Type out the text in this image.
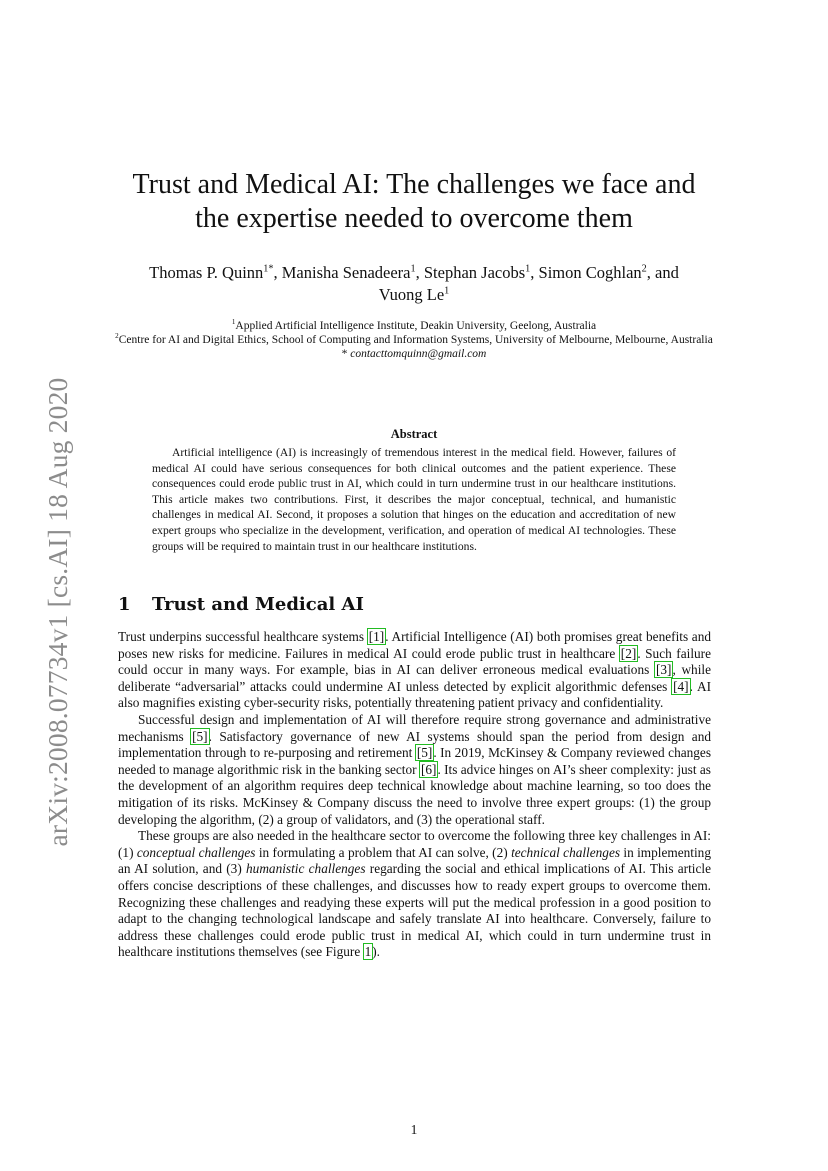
arXiv:2008.07734v1 [cs.AI] 18 Aug 2020
Trust and Medical AI: The challenges we face and
the expertise needed to overcome them
Thomas P. Quinn$^{1*}$, Manisha Senadeera$^1$, Stephan Jacobs$^1$, Simon Coghlan$^2$, and
Vuong Le$^1$
$^1$Applied Artificial Intelligence Institute, Deakin University, Geelong, Australia
$^2$Centre for AI and Digital Ethics, School of Computing and Information Systems, University of Melbourne, Melbourne, Australia
* contacttomquinn@gmail.com
Abstract

Artificial intelligence (AI) is increasingly of tremendous interest in the medical field. However, failures of medical AI could have serious consequences for both clinical outcomes and the patient experience. These consequences could erode public trust in AI, which could in turn undermine trust in our healthcare institutions. This article makes two contributions. First, it describes the major conceptual, technical, and humanistic challenges in medical AI. Second, it proposes a solution that hinges on the education and accreditation of new expert groups who specialize in the development, verification, and operation of medical AI technologies. These groups will be required to maintain trust in our healthcare institutions.

1 Trust and Medical AI

Trust underpins successful healthcare systems [1]. Artificial Intelligence (AI) both promises great benefits and poses new risks for medicine. Failures in medical AI could erode public trust in healthcare [2]. Such failure could occur in many ways. For example, bias in AI can deliver erroneous medical evaluations [3], while deliberate “adversarial” attacks could undermine AI unless detected by explicit algorithmic defenses [4]. AI also magnifies existing cyber-security risks, potentially threatening patient privacy and confidentiality.

Successful design and implementation of AI will therefore require strong governance and administrative mechanisms [5]. Satisfactory governance of new AI systems should span the period from design and implementation through to re-purposing and retirement [5]. In 2019, McKinsey & Company reviewed changes needed to manage algorithmic risk in the banking sector [6]. Its advice hinges on AI’s sheer complexity: just as the development of an algorithm requires deep technical knowledge about machine learning, so too does the mitigation of its risks. McKinsey & Company discuss the need to involve three expert groups: (1) the group developing the algorithm, (2) a group of validators, and (3) the operational staff.

These groups are also needed in the healthcare sector to overcome the following three key challenges in AI: (1) conceptual challenges in formulating a problem that AI can solve, (2) technical challenges in implementing an AI solution, and (3) humanistic challenges regarding the social and ethical implications of AI. This article offers concise descriptions of these challenges, and discusses how to ready expert groups to overcome them. Recognizing these challenges and readying these experts will put the medical profession in a good position to adapt to the changing technological landscape and safely translate AI into healthcare. Conversely, failure to address these challenges could erode public trust in medical AI, which could in turn undermine trust in healthcare institutions themselves (see Figure 1).

1
